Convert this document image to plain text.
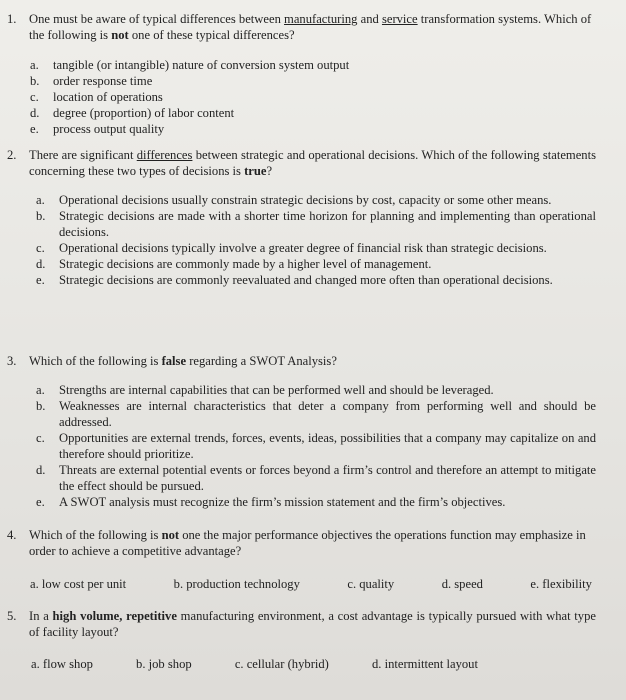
1. One must be aware of typical differences between manufacturing and service transformation systems. Which of the following is not one of these typical differences?
a.	tangible (or intangible) nature of conversion system output
b.	order response time
c.	location of operations
d.	degree (proportion) of labor content
e.	process output quality
2. There are significant differences between strategic and operational decisions. Which of the following statements concerning these two types of decisions is true?
a.	Operational decisions usually constrain strategic decisions by cost, capacity or some other means.
b.	Strategic decisions are made with a shorter time horizon for planning and implementing than operational decisions.
c.	Operational decisions typically involve a greater degree of financial risk than strategic decisions.
d.	Strategic decisions are commonly made by a higher level of management.
e.	Strategic decisions are commonly reevaluated and changed more often than operational decisions.
3. Which of the following is false regarding a SWOT Analysis?
a.	Strengths are internal capabilities that can be performed well and should be leveraged.
b.	Weaknesses are internal characteristics that deter a company from performing well and should be addressed.
c.	Opportunities are external trends, forces, events, ideas, possibilities that a company may capitalize on and therefore should prioritize.
d.	Threats are external potential events or forces beyond a firm’s control and therefore an attempt to mitigate the effect should be pursued.
e.	A SWOT analysis must recognize the firm’s mission statement and the firm’s objectives.
4. Which of the following is not one the major performance objectives the operations function may emphasize in order to achieve a competitive advantage?
a. low cost per unit	b. production technology	c. quality	d. speed	e. flexibility
5. In a high volume, repetitive manufacturing environment, a cost advantage is typically pursued with what type of facility layout?
a. flow shop	b. job shop	c. cellular (hybrid)	d. intermittent layout
